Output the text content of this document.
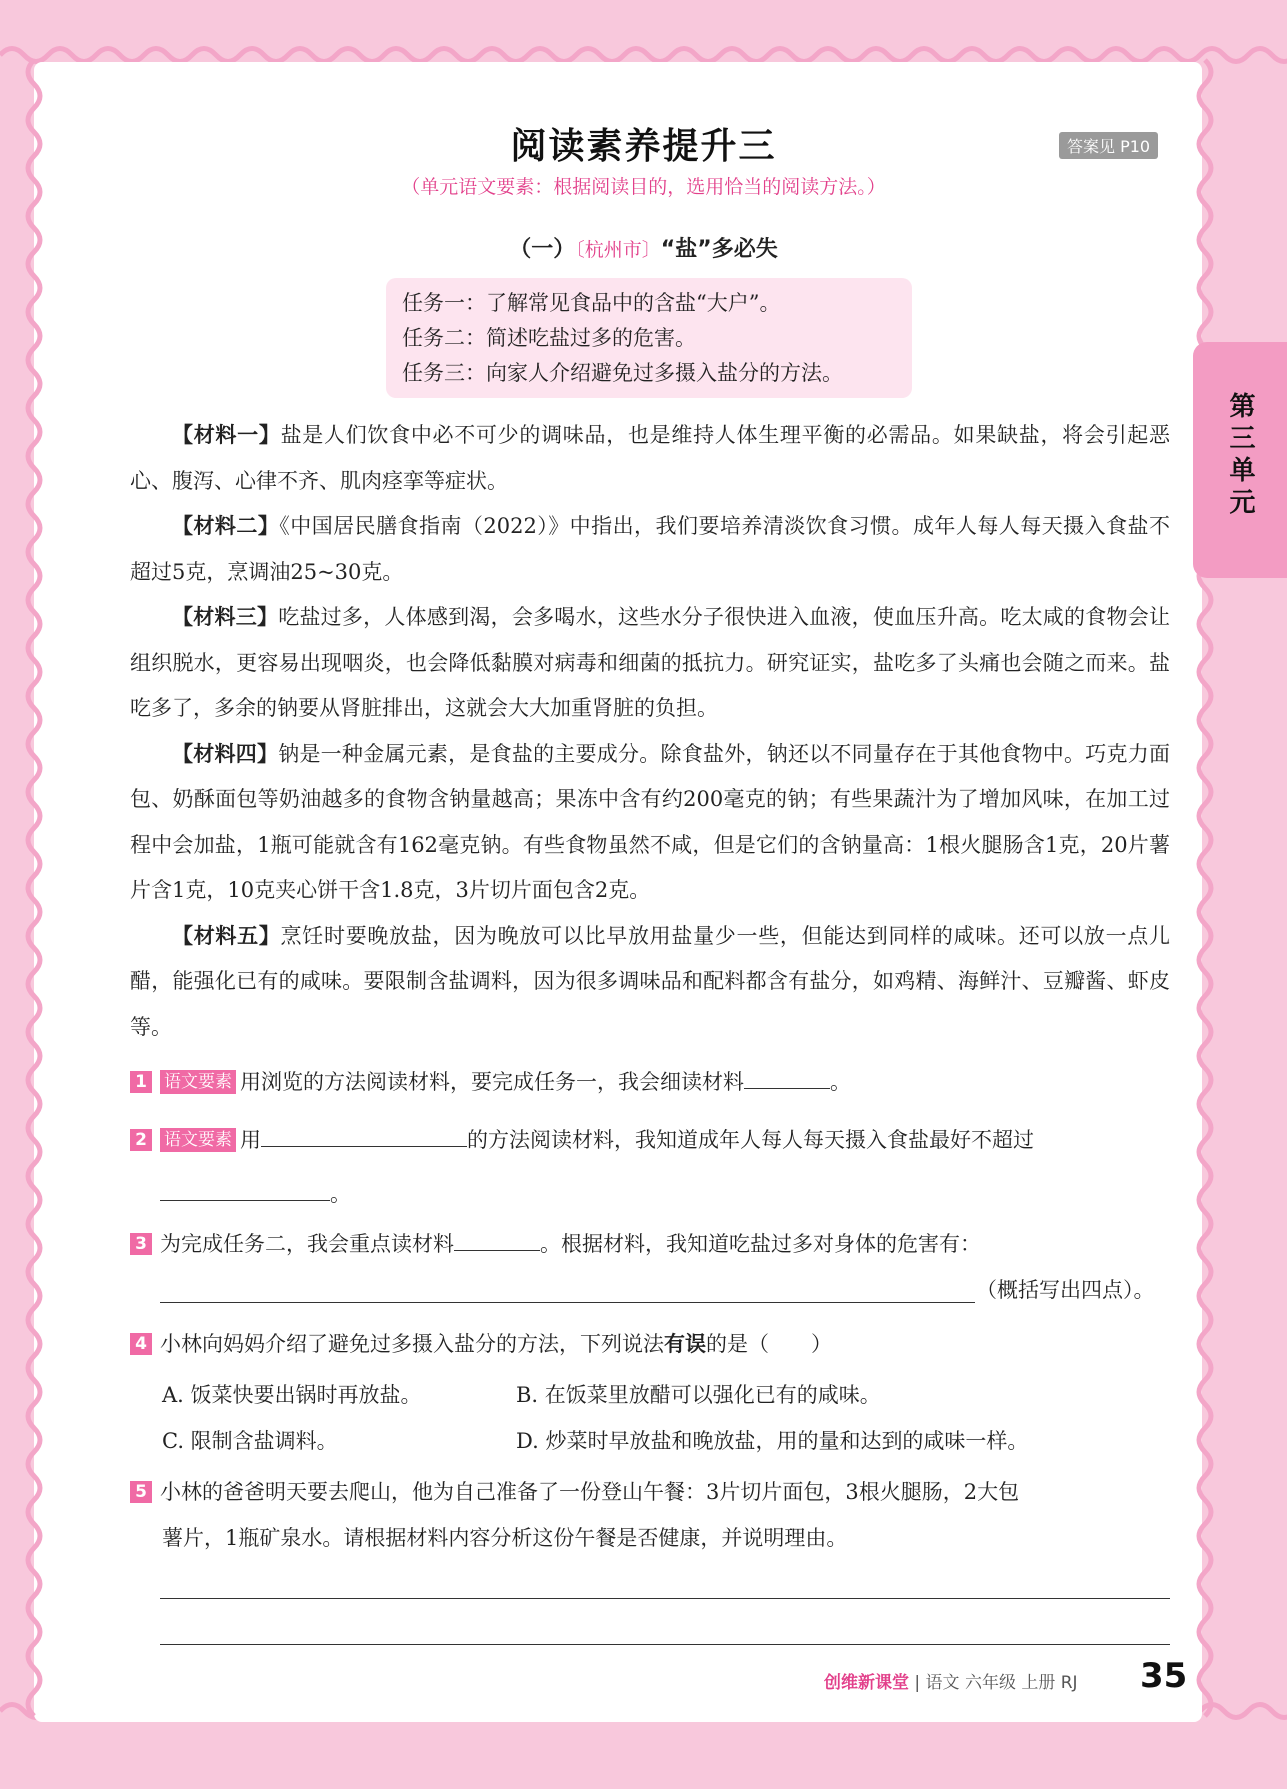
阅读素养提升三	答案见 P10
（单元语文要素：根据阅读目的，选用恰当的阅读方法。）
（一）〔杭州市〕“盐”多必失
任务一：了解常见食品中的含盐“大户”。
任务二：简述吃盐过多的危害。
任务三：向家人介绍避免过多摄入盐分的方法。
第三单元

【材料一】盐是人们饮食中必不可少的调味品，也是维持人体生理平衡的必需品。如果缺盐，将会引起恶心、腹泻、心律不齐、肌肉痉挛等症状。

【材料二】《中国居民膳食指南（2022）》中指出，我们要培养清淡饮食习惯。成年人每人每天摄入食盐不超过5克，烹调油25~30克。

【材料三】吃盐过多，人体感到渴，会多喝水，这些水分子很快进入血液，使血压升高。吃太咸的食物会让组织脱水，更容易出现咽炎，也会降低黏膜对病毒和细菌的抵抗力。研究证实，盐吃多了头痛也会随之而来。盐吃多了，多余的钠要从肾脏排出，这就会大大加重肾脏的负担。

【材料四】钠是一种金属元素，是食盐的主要成分。除食盐外，钠还以不同量存在于其他食物中。巧克力面包、奶酥面包等奶油越多的食物含钠量越高；果冻中含有约200毫克的钠；有些果蔬汁为了增加风味，在加工过程中会加盐，1瓶可能就含有162毫克钠。有些食物虽然不咸，但是它们的含钠量高：1根火腿肠含1克，20片薯片含1克，10克夹心饼干含1.8克，3片切片面包含2克。

【材料五】烹饪时要晚放盐，因为晚放可以比早放用盐量少一些，但能达到同样的咸味。还可以放一点儿醋，能强化已有的咸味。要限制含盐调料，因为很多调味品和配料都含有盐分，如鸡精、海鲜汁、豆瓣酱、虾皮等。

1 语文要素 用浏览的方法阅读材料，要完成任务一，我会细读材料	。
2 语文要素 用	的方法阅读材料，我知道成年人每人每天摄入食盐最好不超过
。
3 为完成任务二，我会重点读材料	。根据材料，我知道吃盐过多对身体的危害有：
（概括写出四点）。
4 小林向妈妈介绍了避免过多摄入盐分的方法，下列说法有误的是（　　）
A. 饭菜快要出锅时再放盐。	B. 在饭菜里放醋可以强化已有的咸味。
C. 限制含盐调料。	D. 炒菜时早放盐和晚放盐，用的量和达到的咸味一样。
5 小林的爸爸明天要去爬山，他为自己准备了一份登山午餐：3片切片面包，3根火腿肠，2大包
薯片，1瓶矿泉水。请根据材料内容分析这份午餐是否健康，并说明理由。
创维新课堂 | 语文 六年级 上册 RJ 35
